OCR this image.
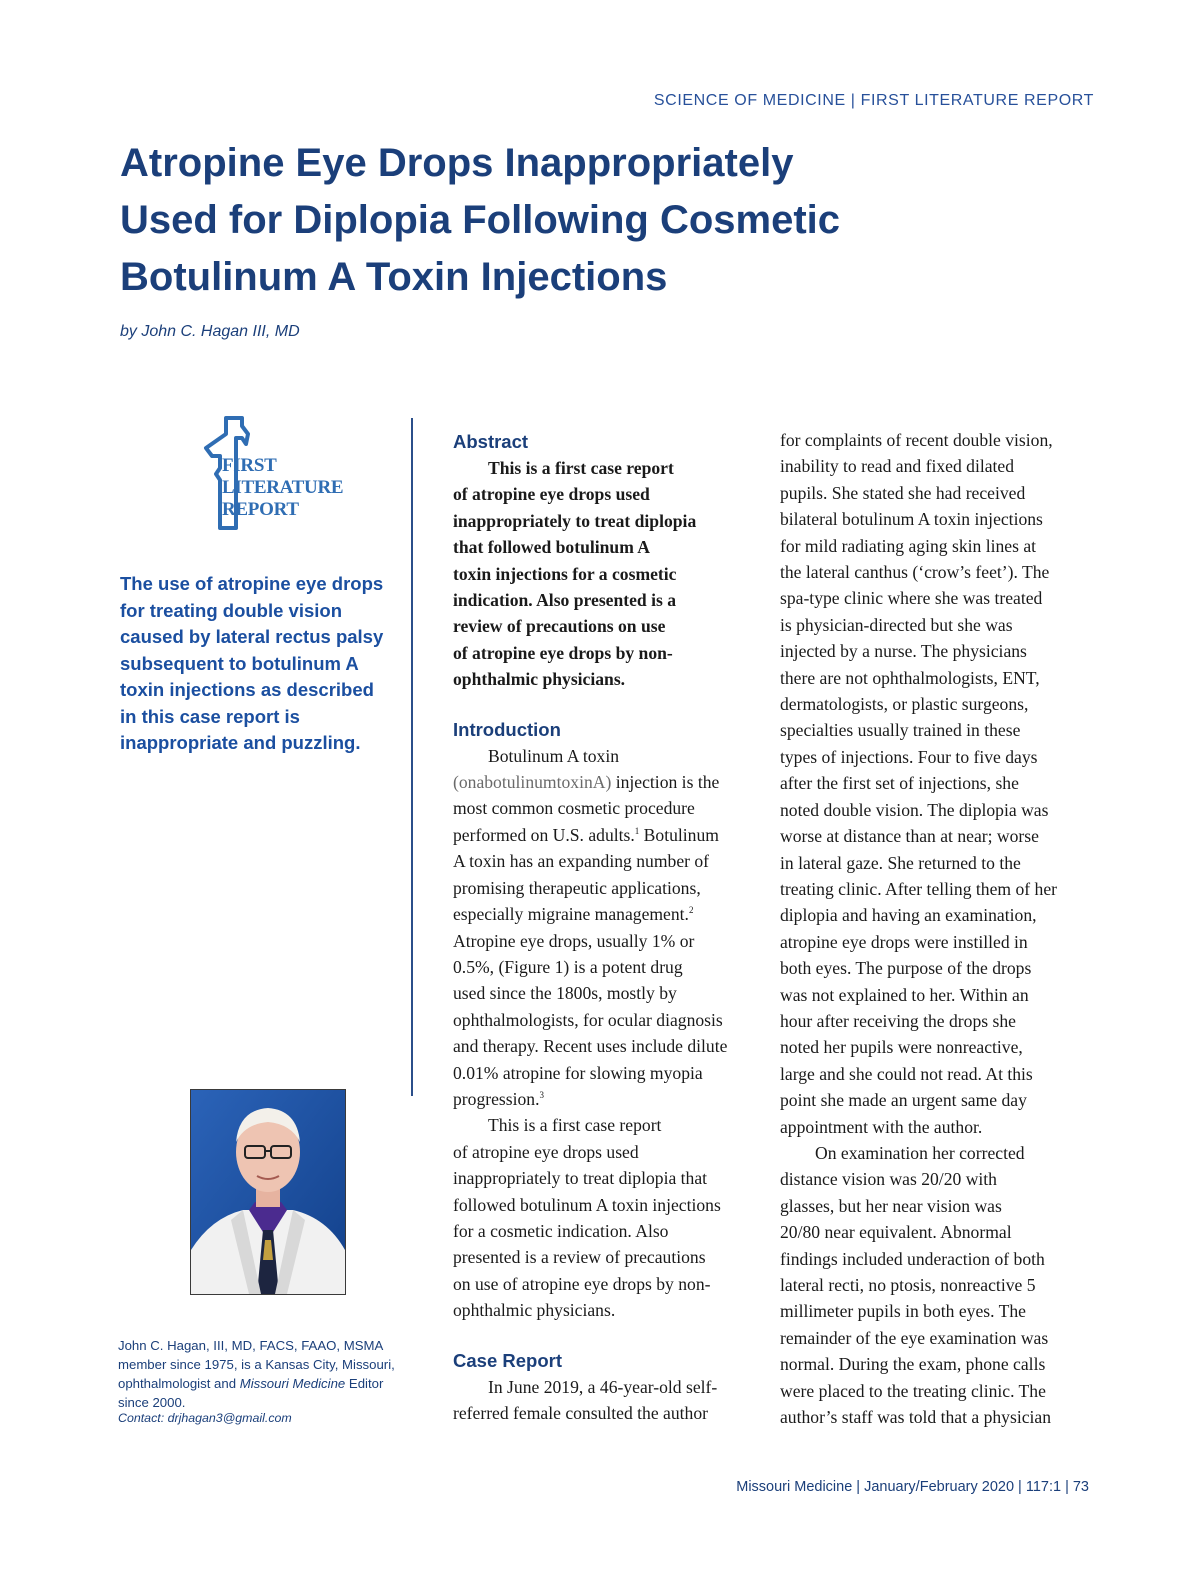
SCIENCE OF MEDICINE | FIRST LITERATURE REPORT
Atropine Eye Drops Inappropriately
Used for Diplopia Following Cosmetic
Botulinum A Toxin Injections
by John C. Hagan III, MD
FIRST
LITERATURE
REPORT
The use of atropine eye drops for treating double vision caused by lateral rectus palsy subsequent to botulinum A toxin injections as described in this case report is inappropriate and puzzling.
John C. Hagan, III, MD, FACS, FAAO, MSMA
member since 1975, is a Kansas City, Missouri,
ophthalmologist and Missouri Medicine Editor
since 2000.
Contact: drjhagan3@gmail.com
Abstract
This is a first case report
of atropine eye drops used
inappropriately to treat diplopia
that followed botulinum A
toxin injections for a cosmetic
indication. Also presented is a
review of precautions on use
of atropine eye drops by non-
ophthalmic physicians.
Introduction
Botulinum A toxin
(onabotulinumtoxinA) injection is the
most common cosmetic procedure
performed on U.S. adults.$^1$ Botulinum
A toxin has an expanding number of
promising therapeutic applications,
especially migraine management.$^2$
Atropine eye drops, usually 1% or
0.5%, (Figure 1) is a potent drug
used since the 1800s, mostly by
ophthalmologists, for ocular diagnosis
and therapy. Recent uses include dilute
0.01% atropine for slowing myopia
progression.$^3$
This is a first case report
of atropine eye drops used
inappropriately to treat diplopia that
followed botulinum A toxin injections
for a cosmetic indication. Also
presented is a review of precautions
on use of atropine eye drops by non-
ophthalmic physicians.
Case Report
In June 2019, a 46-year-old self-
referred female consulted the author
for complaints of recent double vision,
inability to read and fixed dilated
pupils. She stated she had received
bilateral botulinum A toxin injections
for mild radiating aging skin lines at
the lateral canthus (‘crow’s feet’). The
spa-type clinic where she was treated
is physician-directed but she was
injected by a nurse. The physicians
there are not ophthalmologists, ENT,
dermatologists, or plastic surgeons,
specialties usually trained in these
types of injections. Four to five days
after the first set of injections, she
noted double vision. The diplopia was
worse at distance than at near; worse
in lateral gaze. She returned to the
treating clinic. After telling them of her
diplopia and having an examination,
atropine eye drops were instilled in
both eyes. The purpose of the drops
was not explained to her. Within an
hour after receiving the drops she
noted her pupils were nonreactive,
large and she could not read. At this
point she made an urgent same day
appointment with the author.
On examination her corrected
distance vision was 20/20 with
glasses, but her near vision was
20/80 near equivalent. Abnormal
findings included underaction of both
lateral recti, no ptosis, nonreactive 5
millimeter pupils in both eyes. The
remainder of the eye examination was
normal. During the exam, phone calls
were placed to the treating clinic. The
author’s staff was told that a physician
Missouri Medicine | January/February 2020 | 117:1 | 73
